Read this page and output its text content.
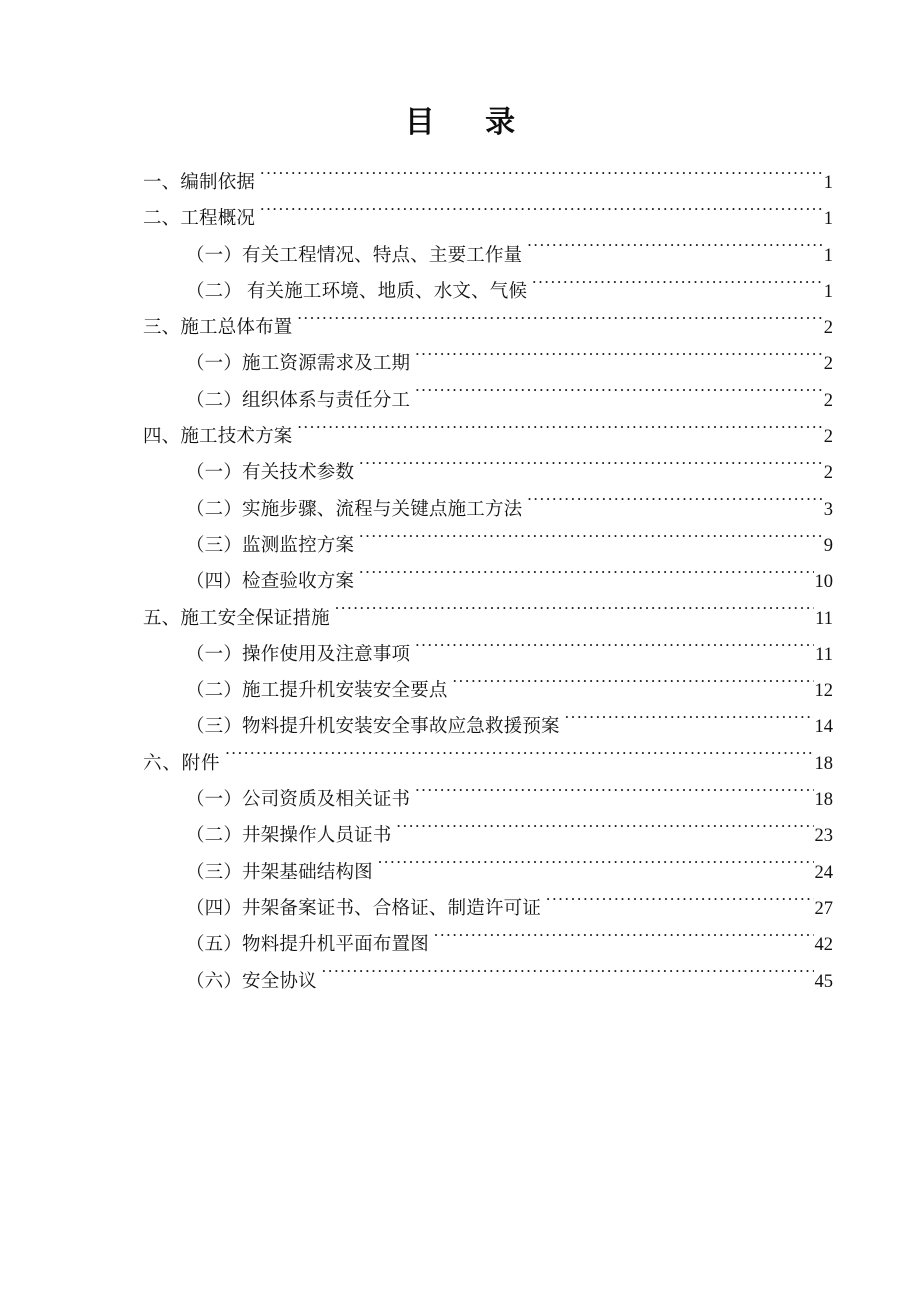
目　录
一、编制依据 .....	1
二、工程概况 .....	1
（一）有关工程情况、特点、主要工作量 .....	1
（二） 有关施工环境、地质、水文、气候 .....	1
三、施工总体布置 .....	2
（一）施工资源需求及工期 .....	2
（二）组织体系与责任分工 .....	2
四、施工技术方案 .....	2
（一）有关技术参数 .....	2
（二）实施步骤、流程与关键点施工方法 .....	3
（三）监测监控方案 .....	9
（四）检查验收方案 .....	10
五、施工安全保证措施 .....	11
（一）操作使用及注意事项 .....	11
（二）施工提升机安装安全要点 .....	12
（三）物料提升机安装安全事故应急救援预案 .....	14
六、附件 .....	18
（一）公司资质及相关证书 .....	18
（二）井架操作人员证书 .....	23
（三）井架基础结构图 .....	24
（四）井架备案证书、合格证、制造许可证 .....	27
（五）物料提升机平面布置图 .....	42
（六）安全协议 .....	45
